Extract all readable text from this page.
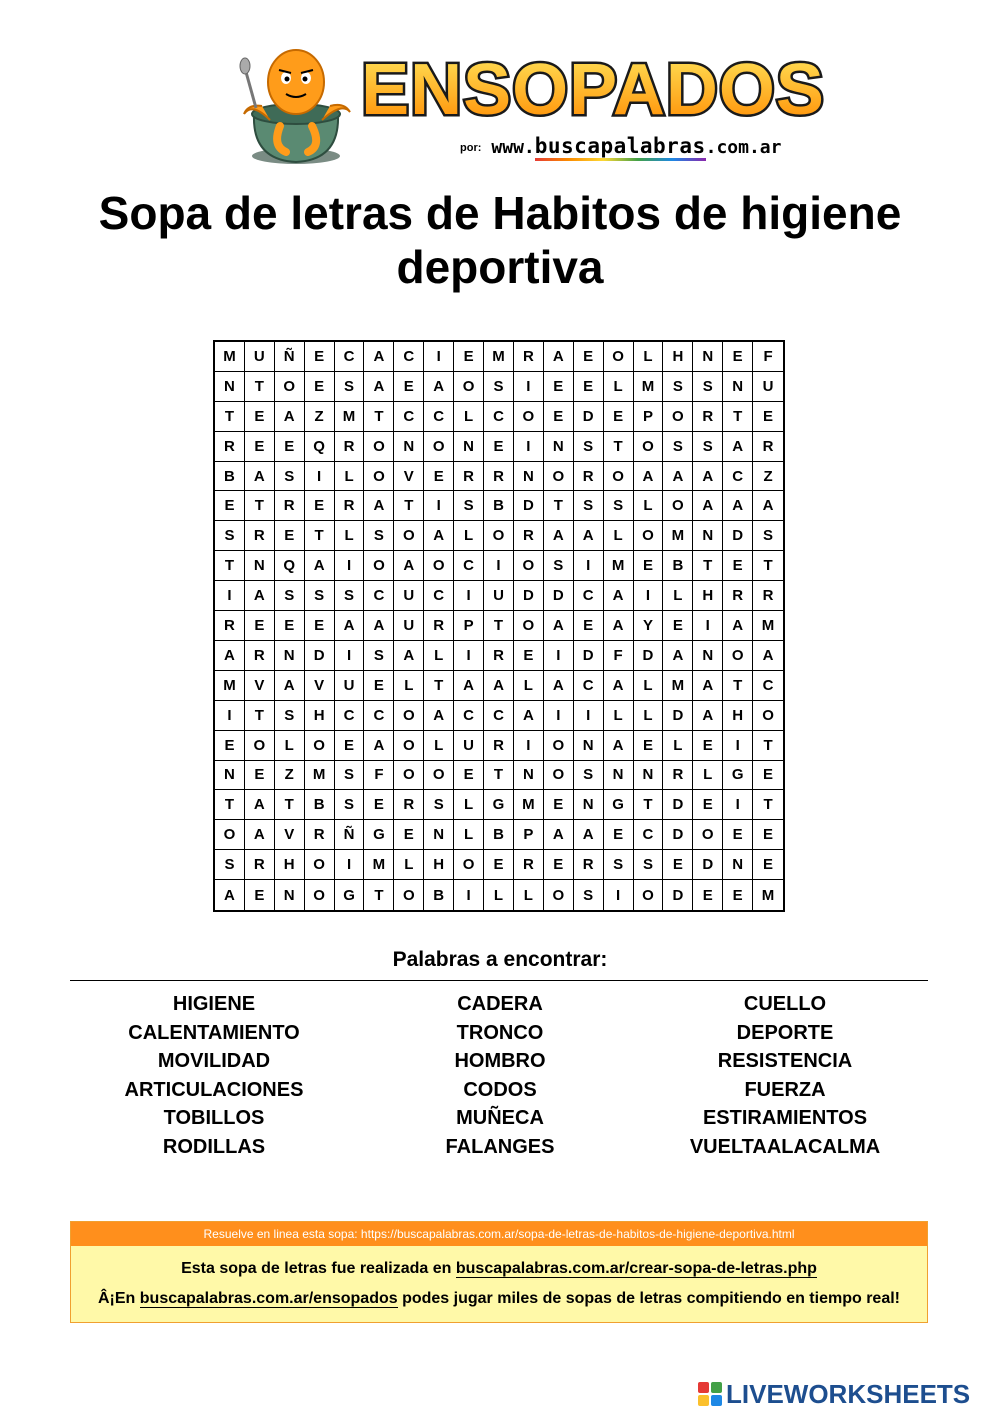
ENSOPADOS
por: www.buscapalabras.com.ar
Sopa de letras de Habitos de higiene deportiva
M	U	Ñ	E	C	A	C	I	E	M	R	A	E	O	L	H	N	E	F
N	T	O	E	S	A	E	A	O	S	I	E	E	L	M	S	S	N	U
T	E	A	Z	M	T	C	C	L	C	O	E	D	E	P	O	R	T	E
R	E	E	Q	R	O	N	O	N	E	I	N	S	T	O	S	S	A	R
B	A	S	I	L	O	V	E	R	R	N	O	R	O	A	A	A	C	Z
E	T	R	E	R	A	T	I	S	B	D	T	S	S	L	O	A	A	A
S	R	E	T	L	S	O	A	L	O	R	A	A	L	O	M	N	D	S
T	N	Q	A	I	O	A	O	C	I	O	S	I	M	E	B	T	E	T
I	A	S	S	S	C	U	C	I	U	D	D	C	A	I	L	H	R	R
R	E	E	E	A	A	U	R	P	T	O	A	E	A	Y	E	I	A	M
A	R	N	D	I	S	A	L	I	R	E	I	D	F	D	A	N	O	A
M	V	A	V	U	E	L	T	A	A	L	A	C	A	L	M	A	T	C
I	T	S	H	C	C	O	A	C	C	A	I	I	L	L	D	A	H	O
E	O	L	O	E	A	O	L	U	R	I	O	N	A	E	L	E	I	T
N	E	Z	M	S	F	O	O	E	T	N	O	S	N	N	R	L	G	E
T	A	T	B	S	E	R	S	L	G	M	E	N	G	T	D	E	I	T
O	A	V	R	Ñ	G	E	N	L	B	P	A	A	E	C	D	O	E	E
S	R	H	O	I	M	L	H	O	E	R	E	R	S	S	E	D	N	E
A	E	N	O	G	T	O	B	I	L	L	O	S	I	O	D	E	E	M
Palabras a encontrar:
HIGIENE
CALENTAMIENTO
MOVILIDAD
ARTICULACIONES
TOBILLOS
RODILLAS
CADERA
TRONCO
HOMBRO
CODOS
MUÑECA
FALANGES
CUELLO
DEPORTE
RESISTENCIA
FUERZA
ESTIRAMIENTOS
VUELTAALACALMA
Resuelve en linea esta sopa: https://buscapalabras.com.ar/sopa-de-letras-de-habitos-de-higiene-deportiva.html
Esta sopa de letras fue realizada en buscapalabras.com.ar/crear-sopa-de-letras.php
Â¡En buscapalabras.com.ar/ensopados podes jugar miles de sopas de letras compitiendo en tiempo real!
LIVEWORKSHEETS
